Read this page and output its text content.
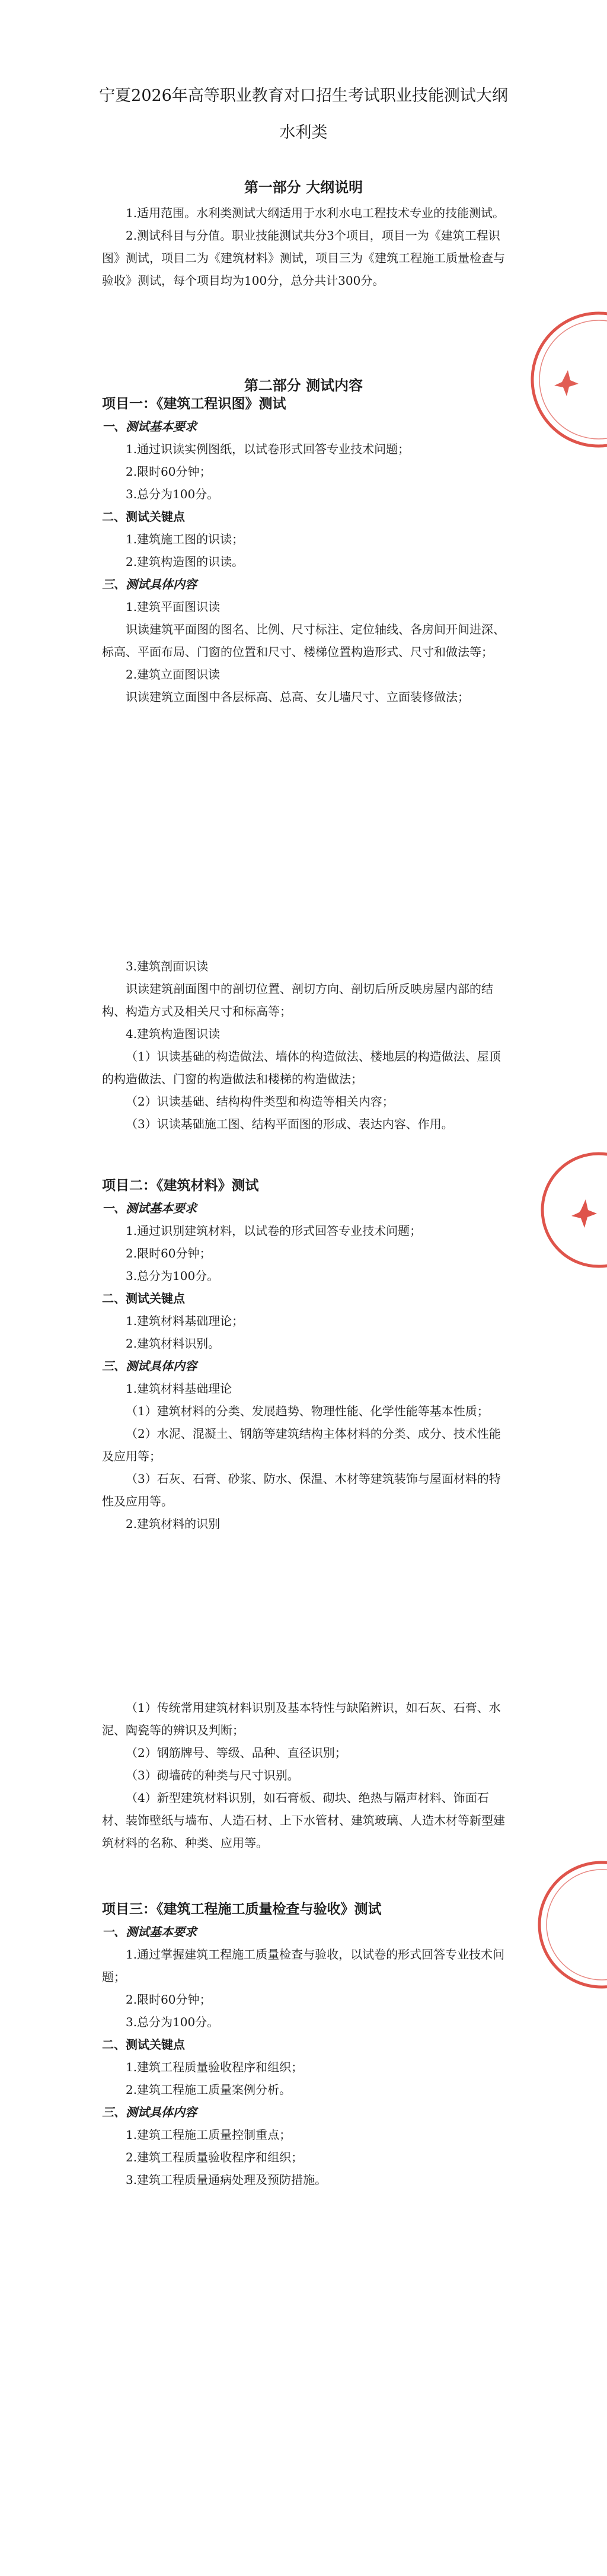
宁夏2026年高等职业教育对口招生考试职业技能测试大纲

水利类

第一部分 大纲说明

1.适用范围。水利类测试大纲适用于水利水电工程技术专业的技能测试。

2.测试科目与分值。职业技能测试共分3个项目，项目一为《建筑工程识图》测试，项目二为《建筑材料》测试，项目三为《建筑工程施工质量检查与验收》测试，每个项目均为100分，总分共计300分。

第二部分 测试内容

项目一：《建筑工程识图》测试

一、测试基本要求

1.通过识读实例图纸，以试卷形式回答专业技术问题；

2.限时60分钟；

3.总分为100分。

二、测试关键点

1.建筑施工图的识读；

2.建筑构造图的识读。

三、测试具体内容

1.建筑平面图识读

识读建筑平面图的图名、比例、尺寸标注、定位轴线、各房间开间进深、标高、平面布局、门窗的位置和尺寸、楼梯位置构造形式、尺寸和做法等；

2.建筑立面图识读

识读建筑立面图中各层标高、总高、女儿墙尺寸、立面装修做法；

3.建筑剖面识读

识读建筑剖面图中的剖切位置、剖切方向、剖切后所反映房屋内部的结构、构造方式及相关尺寸和标高等；

4.建筑构造图识读

（1）识读基础的构造做法、墙体的构造做法、楼地层的构造做法、屋顶的构造做法、门窗的构造做法和楼梯的构造做法；

（2）识读基础、结构构件类型和构造等相关内容；

（3）识读基础施工图、结构平面图的形成、表达内容、作用。

项目二：《建筑材料》测试

一、测试基本要求

1.通过识别建筑材料，以试卷的形式回答专业技术问题；

2.限时60分钟；

3.总分为100分。

二、测试关键点

1.建筑材料基础理论；

2.建筑材料识别。

三、测试具体内容

1.建筑材料基础理论

（1）建筑材料的分类、发展趋势、物理性能、化学性能等基本性质；

（2）水泥、混凝土、钢筋等建筑结构主体材料的分类、成分、技术性能及应用等；

（3）石灰、石膏、砂浆、防水、保温、木材等建筑装饰与屋面材料的特性及应用等。

2.建筑材料的识别

（1）传统常用建筑材料识别及基本特性与缺陷辨识，如石灰、石膏、水泥、陶瓷等的辨识及判断；

（2）钢筋牌号、等级、品种、直径识别；

（3）砌墙砖的种类与尺寸识别。

（4）新型建筑材料识别，如石膏板、砌块、绝热与隔声材料、饰面石材、装饰壁纸与墙布、人造石材、上下水管材、建筑玻璃、人造木材等新型建筑材料的名称、种类、应用等。

项目三：《建筑工程施工质量检查与验收》测试

一、测试基本要求

1.通过掌握建筑工程施工质量检查与验收，以试卷的形式回答专业技术问题；

2.限时60分钟；

3.总分为100分。

二、测试关键点

1.建筑工程质量验收程序和组织；

2.建筑工程施工质量案例分析。

三、测试具体内容

1.建筑工程施工质量控制重点；

2.建筑工程质量验收程序和组织；

3.建筑工程质量通病处理及预防措施。
